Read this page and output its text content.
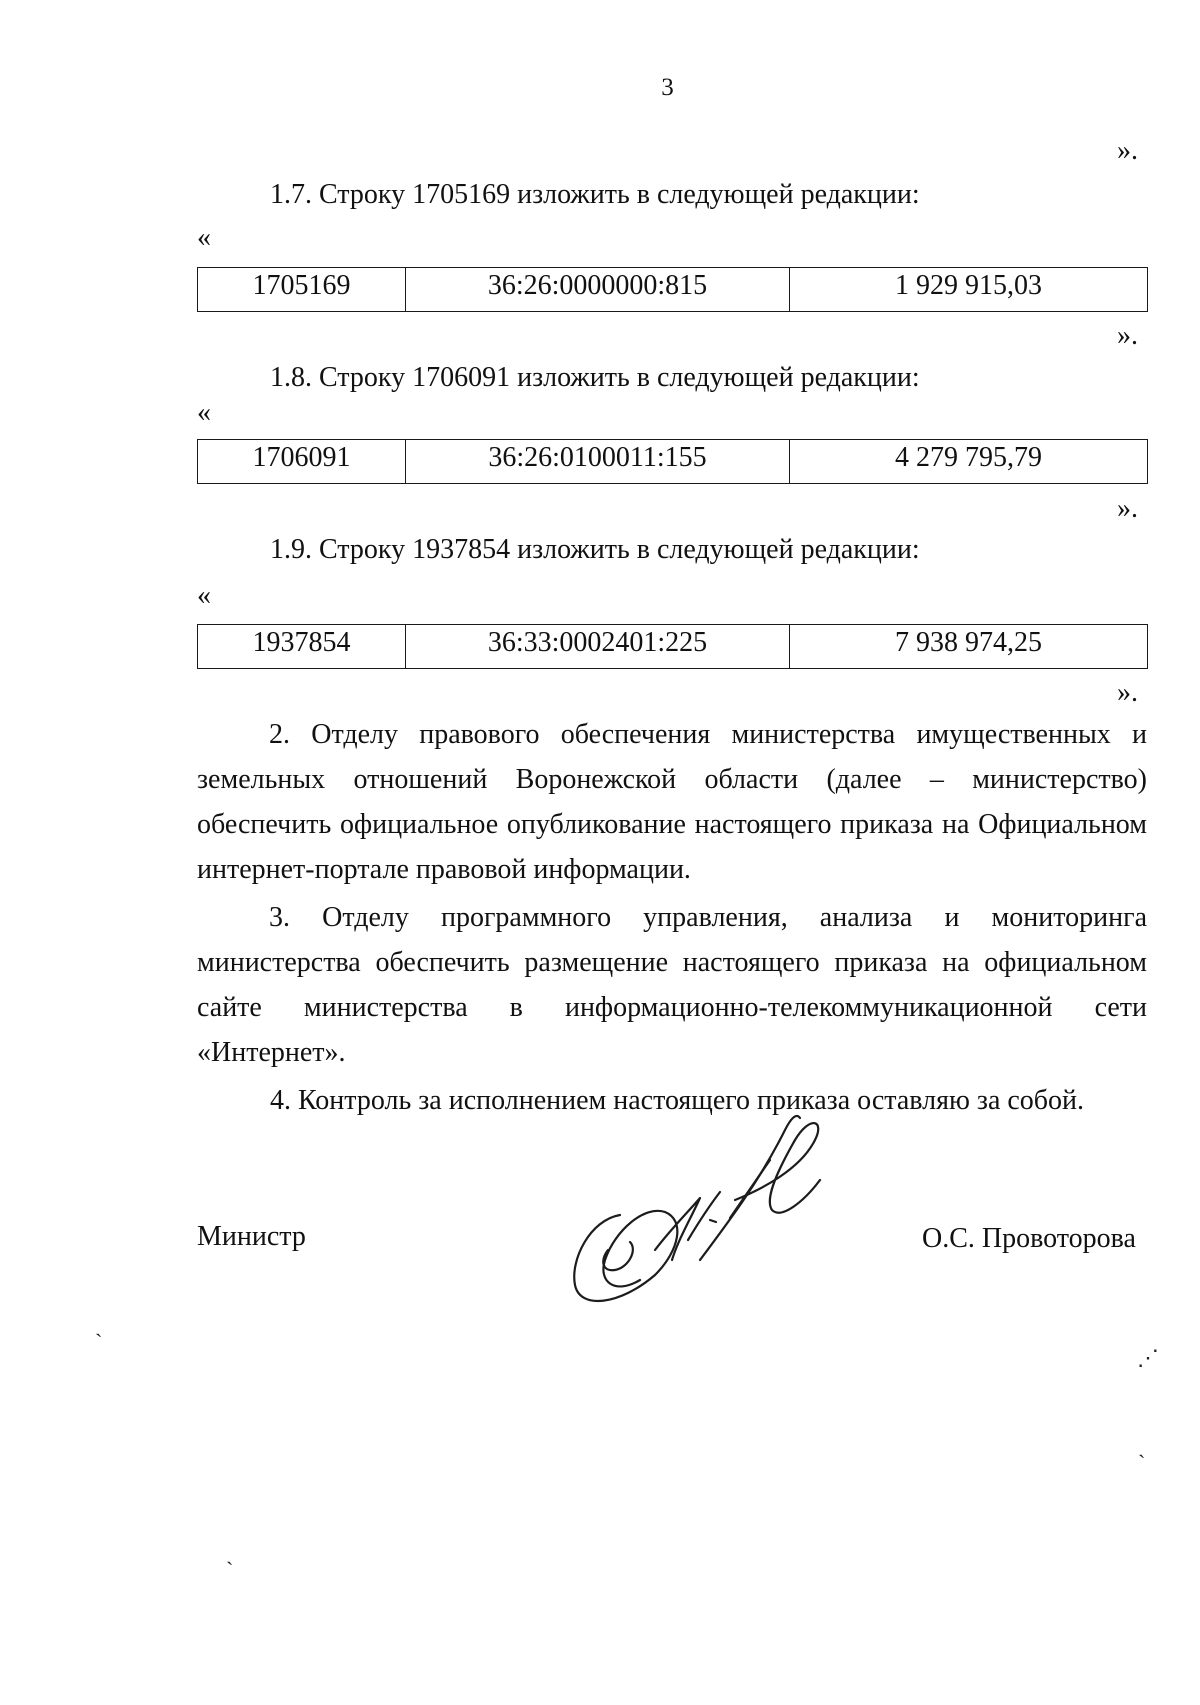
3
».
1.7. Строку 1705169 изложить в следующей редакции:
«
1705169	36:26:0000000:815	1 929 915,03
».
1.8. Строку 1706091 изложить в следующей редакции:
«
1706091	36:26:0100011:155	4 279 795,79
».
1.9. Строку 1937854 изложить в следующей редакции:
«
1937854	36:33:0002401:225	7 938 974,25
».
2. Отделу правового обеспечения министерства имущественных и земельных отношений Воронежской области (далее – министерство) обеспечить официальное опубликование настоящего приказа на Официальном интернет-портале правовой информации.
3. Отделу программного управления, анализа и мониторинга министерства обеспечить размещение настоящего приказа на официальном сайте министерства в информационно-телекоммуникационной сети «Интернет».
4. Контроль за исполнением настоящего приказа оставляю за собой.
Министр	О.С. Провоторова
ˏ
⋰
ˏ
ˏ
